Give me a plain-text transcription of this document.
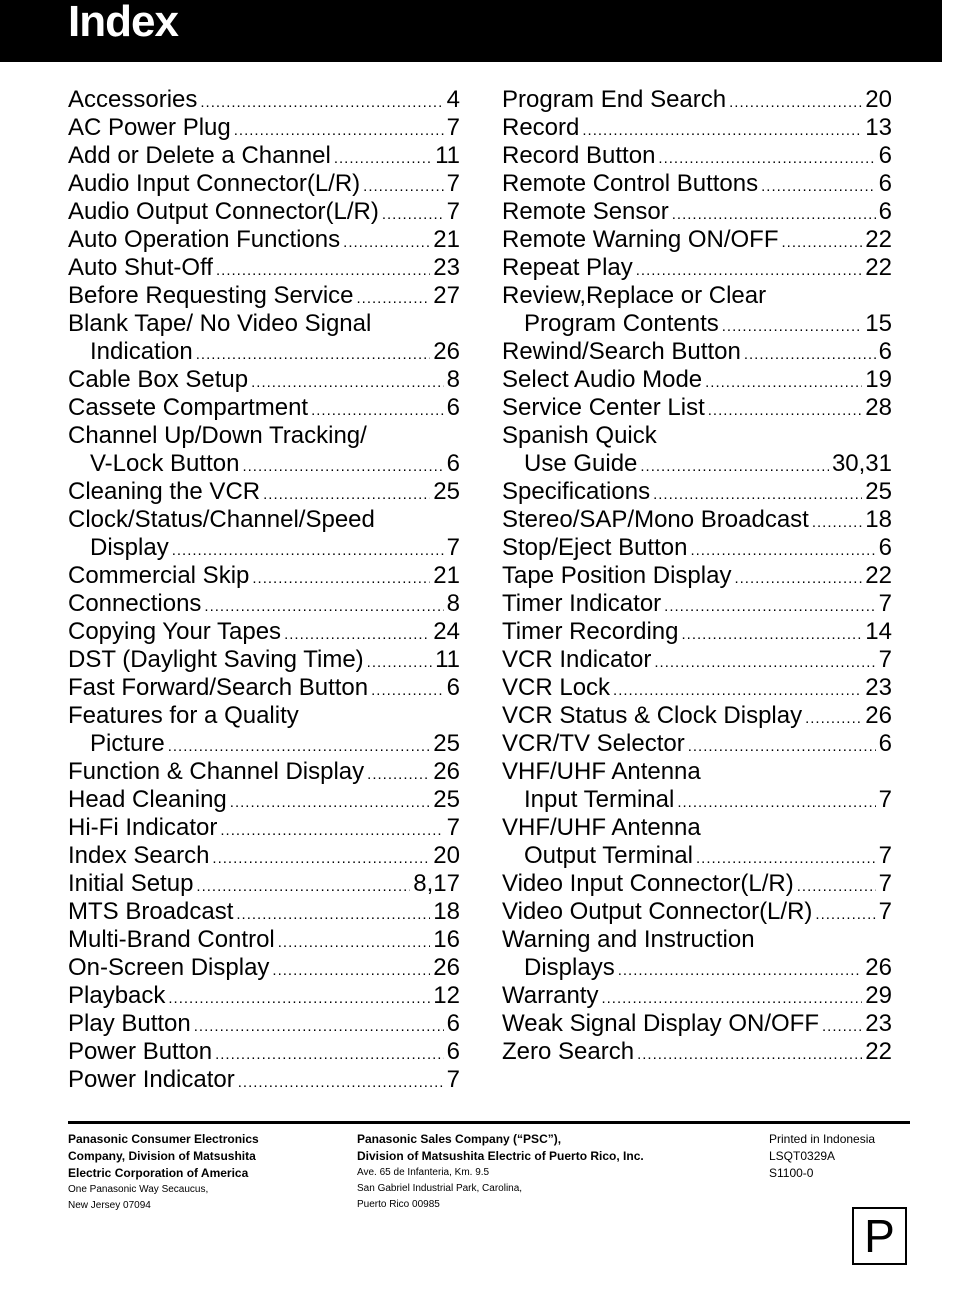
Index
Accessories .....	4
AC Power Plug .....	7
Add or Delete a Channel .....	11
Audio Input Connector(L/R) .....	7
Audio Output Connector(L/R) .....	7
Auto Operation Functions .....	21
Auto Shut-Off .....	23
Before Requesting Service .....	27
Blank Tape/ No Video Signal
Indication .....	26
Cable Box Setup .....	8
Cassete Compartment .....	6
Channel Up/Down Tracking/
V-Lock Button .....	6
Cleaning the VCR .....	25
Clock/Status/Channel/Speed
Display .....	7
Commercial Skip .....	21
Connections .....	8
Copying Your Tapes .....	24
DST (Daylight Saving Time) .....	11
Fast Forward/Search Button .....	6
Features for a Quality
Picture .....	25
Function & Channel Display .....	26
Head Cleaning .....	25
Hi-Fi Indicator .....	7
Index Search .....	20
Initial Setup .....	8,17
MTS Broadcast .....	18
Multi-Brand Control .....	16
On-Screen Display .....	26
Playback .....	12
Play Button .....	6
Power Button .....	6
Power Indicator .....	7
Program End Search .....	20
Record .....	13
Record Button .....	6
Remote Control Buttons .....	6
Remote Sensor .....	6
Remote Warning ON/OFF .....	22
Repeat Play .....	22
Review,Replace or Clear
Program Contents .....	15
Rewind/Search Button .....	6
Select Audio Mode .....	19
Service Center List .....	28
Spanish Quick
Use Guide .....	30,31
Specifications .....	25
Stereo/SAP/Mono Broadcast ..... 18
Stop/Eject Button .....	6
Tape Position Display .....	22
Timer Indicator .....	7
Timer Recording .....	14
VCR Indicator .....	7
VCR Lock .....	23
VCR Status & Clock Display .....	26
VCR/TV Selector .....	6
VHF/UHF Antenna
Input Terminal .....	7
VHF/UHF Antenna
Output Terminal .....	7
Video Input Connector(L/R) .....	7
Video Output Connector(L/R) .....	7
Warning and Instruction
Displays .....	26
Warranty .....	29
Weak Signal Display ON/OFF ..... 23
Zero Search .....	22
Panasonic Consumer Electronics
Company, Division of Matsushita
Electric Corporation of America
One Panasonic Way Secaucus,
New Jersey 07094
Panasonic Sales Company (“PSC”),
Division of Matsushita Electric of Puerto Rico, Inc.
Ave. 65 de Infanteria, Km. 9.5
San Gabriel Industrial Park, Carolina,
Puerto Rico 00985
Printed in Indonesia
LSQT0329A
S1100-0
P
